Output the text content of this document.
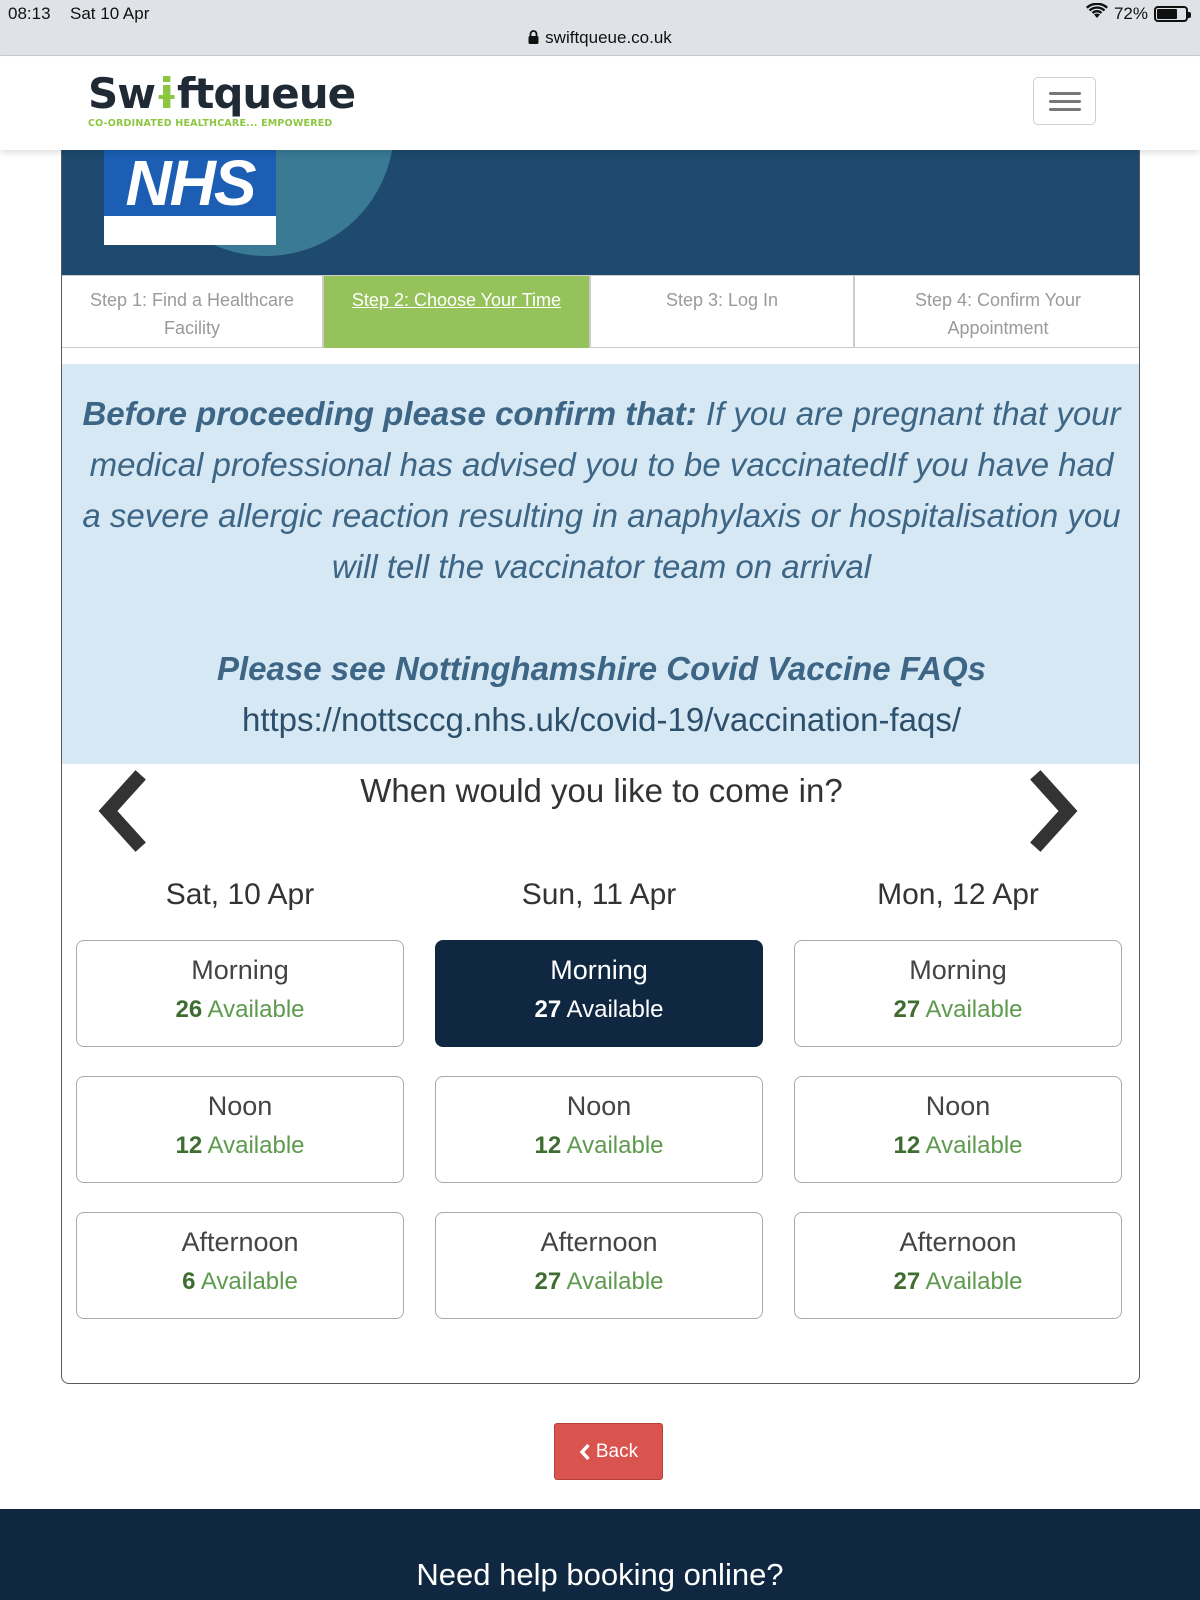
08:13 Sat 10 Apr	72%
swiftqueue.co.uk
Swɨftqueue
CO-ORDINATED HEALTHCARE... EMPOWERED
NHS
Step 1: Find a Healthcare
Facility
Step 2: Choose Your Time	Step 3: Log In	Step 4: Confirm Your
Appointment
Before proceeding please confirm that: If you are pregnant that your medical professional has advised you to be vaccinatedIf you have had a severe allergic reaction resulting in anaphylaxis or hospitalisation you will tell the vaccinator team on arrival
Please see Nottinghamshire Covid Vaccine FAQs
https://nottsccg.nhs.uk/covid-19/vaccination-faqs/
When would you like to come in?
Sat, 10 Apr
Morning
26 Available
Noon
12 Available
Afternoon
6 Available
Sun, 11 Apr
Morning
27 Available
Noon
12 Available
Afternoon
27 Available
Mon, 12 Apr
Morning
27 Available
Noon
12 Available
Afternoon
27 Available
Back
Need help booking online?
